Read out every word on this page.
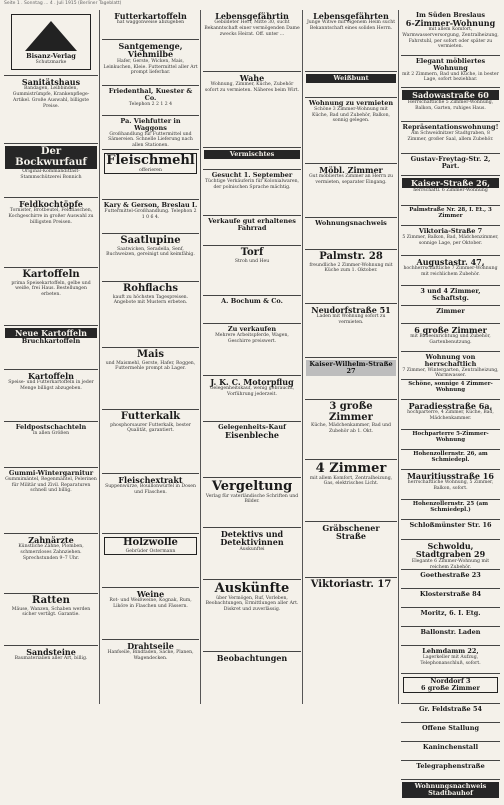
Seite 1 . Sonntag ... 4 . Juli 1915 (Berliner Tageblatt)
Bisanz-Verlag
Schutzmarke
Sanitätshaus
Bandagen, Leibbinden, Gummistrümpfe, Krankenpflege-Artikel. Große Auswahl, billigste Preise.
Der Bockwurfauf
Original-Kommanditfast-Stammschützerei Bonnich
Feldkochtöpfe
Tornister, Brotbeutel, Feldflaschen, Kochgeschirre in großer Auswahl zu billigsten Preisen.
Kartoffeln
prima Speisekartoffeln, gelbe und weiße, frei Haus. Bestellungen erbeten.
Neue Kartoffeln
Bruchkartoffeln
Kartoffeln
Speise- und Futterkartoffeln in jeder Menge billigst abzugeben.
Feldpostschachteln
in allen Größen
Gummi-Wintergarnitur
Gummimäntel, Regenmäntel, Pelerinen für Militär und Zivil. Reparaturen schnell und billig.
Zahnärzte
Künstliche Zähne, Plomben, schmerzloses Zahnziehen. Sprechstunden 9–7 Uhr.
Ratten
Mäuse, Wanzen, Schaben werden sicher vertilgt. Garantie.
Sandsteine
Baumaterialien aller Art, billig.
Futterkartoffeln
hat waggonweise abzugeben
Santgemenge, Viehmilbe
Hafer, Gerste, Wicken, Mais, Leinkuchen, Kleie. Futtermittel aller Art prompt lieferbar.
Friedenthal, Kuester & Co.
Telephon 2 2 1 2 4
Pa. Viehfutter in Waggons
Großhandlung für Futtermittel und Sämereien. Schnelle Lieferung nach allen Stationen.
Fleischmehl
offerieren
Kary & Gerson, Breslau I.
Futtermittel-Großhandlung. Telephon 2 1 0 6 4.
Saatlupine
Saatwicken, Seradella, Senf, Buchweizen, gereinigt und keimfähig.
Rohflachs
kauft zu höchsten Tagespreisen. Angebote mit Mustern erbeten.
Mais
und Maismehl, Gerste, Hafer, Roggen, Futtermehle prompt ab Lager.
Futterkalk
phosphorsaurer Futterkalk, bester Qualität, garantiert.
Fleischextrakt
Suppenwürze, Bouillonwürfel in Dosen und Flaschen.
Holzwolle
Gebrüder Ostermann
Weine
Rot- und Weißweine, Kognak, Rum, Liköre in Flaschen und Fässern.
Drahtseile
Hanfseile, Bindfaden, Säcke, Planen, Wagendecken.
Lebensgefährtin
Gebildeter Herr, Mitte 30, sucht Bekanntschaft einer vermögenden Dame zwecks Heirat. Off. unter ...
Wahe
Wohnung, Zimmer, Küche, Zubehör sofort zu vermieten. Näheres beim Wirt.
Vermischtes
Gesucht 1. September
Tüchtige Verkäuferin für Kolonialwaren, der polnischen Sprache mächtig.
Verkaufe gut erhaltenes Fahrrad
Torf
Stroh und Heu
A. Bochum & Co.
Zu verkaufen
Mehrere Arbeitspferde, Wagen, Geschirre preiswert.
J. K. C. Motorpflug
Gelegenheitskauf, wenig gebraucht, Vorführung jederzeit.
Gelegenheits-Kauf
Eisenbleche
Vergeltung
Verlag für vaterländische Schriften und Bilder.
Detektivs und Detektivinnen
Auskunftei
Auskünfte
über Vermögen, Ruf, Vorleben, Beobachtungen, Ermittlungen aller Art. Diskret und zuverlässig.
Beobachtungen
Lebensgefährten
Junge Witwe mit eigenem Heim sucht Bekanntschaft eines soliden Herrn.
Weißbunt
Wohnung zu vermieten
Schöne 3 Zimmer-Wohnung mit Küche, Bad und Zubehör, Balkon, sonnig gelegen.
Möbl. Zimmer
Gut möbliertes Zimmer an Herrn zu vermieten, separater Eingang.
Wohnungsnachweis
Palmstr. 28
freundliche 2 Zimmer-Wohnung mit Küche zum 1. Oktober.
Neudorfstraße 51
Laden mit Wohnung sofort zu vermieten.
Kaiser-Wilhelm-Straße 27
3 große Zimmer
Küche, Mädchenkammer, Bad und Zubehör ab 1. Okt.
4 Zimmer
mit allem Komfort, Zentralheizung, Gas, elektrisches Licht.
Gräbschener Straße
Viktoriastr. 17
Im Süden Breslaus
6-Zimmer-Wohnung
mit allem Komfort, Warmwasserversorgung, Zentralheizung, Fahrstuhl, per sofort oder später zu vermieten.
Elegant möbliertes Wohnung
mit 2 Zimmern, Bad und Küche, in bester Lage, sofort beziehbar.
Sadowastraße 60
Herrschaftliche 5 Zimmer-Wohnung, Balkon, Garten, ruhiges Haus.
Repräsentationswohnung!
Am Schweidnitzer Stadtgraben, 8 Zimmer, großer Saal, allem Zubehör.
Gustav-Freytag-Str. 2, Part.
Kaiser-Straße 26,
herrschaftl. 6 Zimmer-Wohnung
Palmstraße Nr. 28, I. Et., 3 Zimmer
Viktoria-Straße 7
5 Zimmer, Balkon, Bad, Mädchenzimmer, sonnige Lage, per Oktober.
Augustastr. 47,
hochherrschaftliche 7 Zimmer-Wohnung mit reichlichem Zubehör.
3 und 4 Zimmer, Schaftstg.
Zimmer
6 große Zimmer
mit Badeeinrichtung und Zubehör, Gartenbenutzung.
Wohnung von herrschaftlich
7 Zimmer, Wintergarten, Zentralheizung, Warmwasser.
Schöne, sonnige 4 Zimmer-Wohnung
Paradiesstraße 6a,
hochparterre, 4 Zimmer, Küche, Bad, Mädchenkammer.
Hochparterre 5-Zimmer-Wohnung
Hohenzollernstr. 26, am Schmiedepl.
Mauritiusstraße 16
herrschaftliche Wohnung, 5 Zimmer, Balkon, sofort.
Hohenzollernstr. 25 (am Schmiedepl.)
Schloßmünster Str. 16
Schwoldu, Stadtgraben 29
Elegante 6 Zimmer-Wohnung mit reichem Zubehör.
Goethestraße 23
Klosterstraße 84
Moritz, 6. I. Etg.
Ballonstr. Laden
Lehmdamm 22,
Lagerkeller mit Aufzug, Telephonanschluß, sofort.
Norddorf 3
6 große Zimmer
Gr. Feldstraße 54
Offene Stallung
Kaninchenstall
Telegraphenstraße
Wohnungsnachweis Stadtbauhof
